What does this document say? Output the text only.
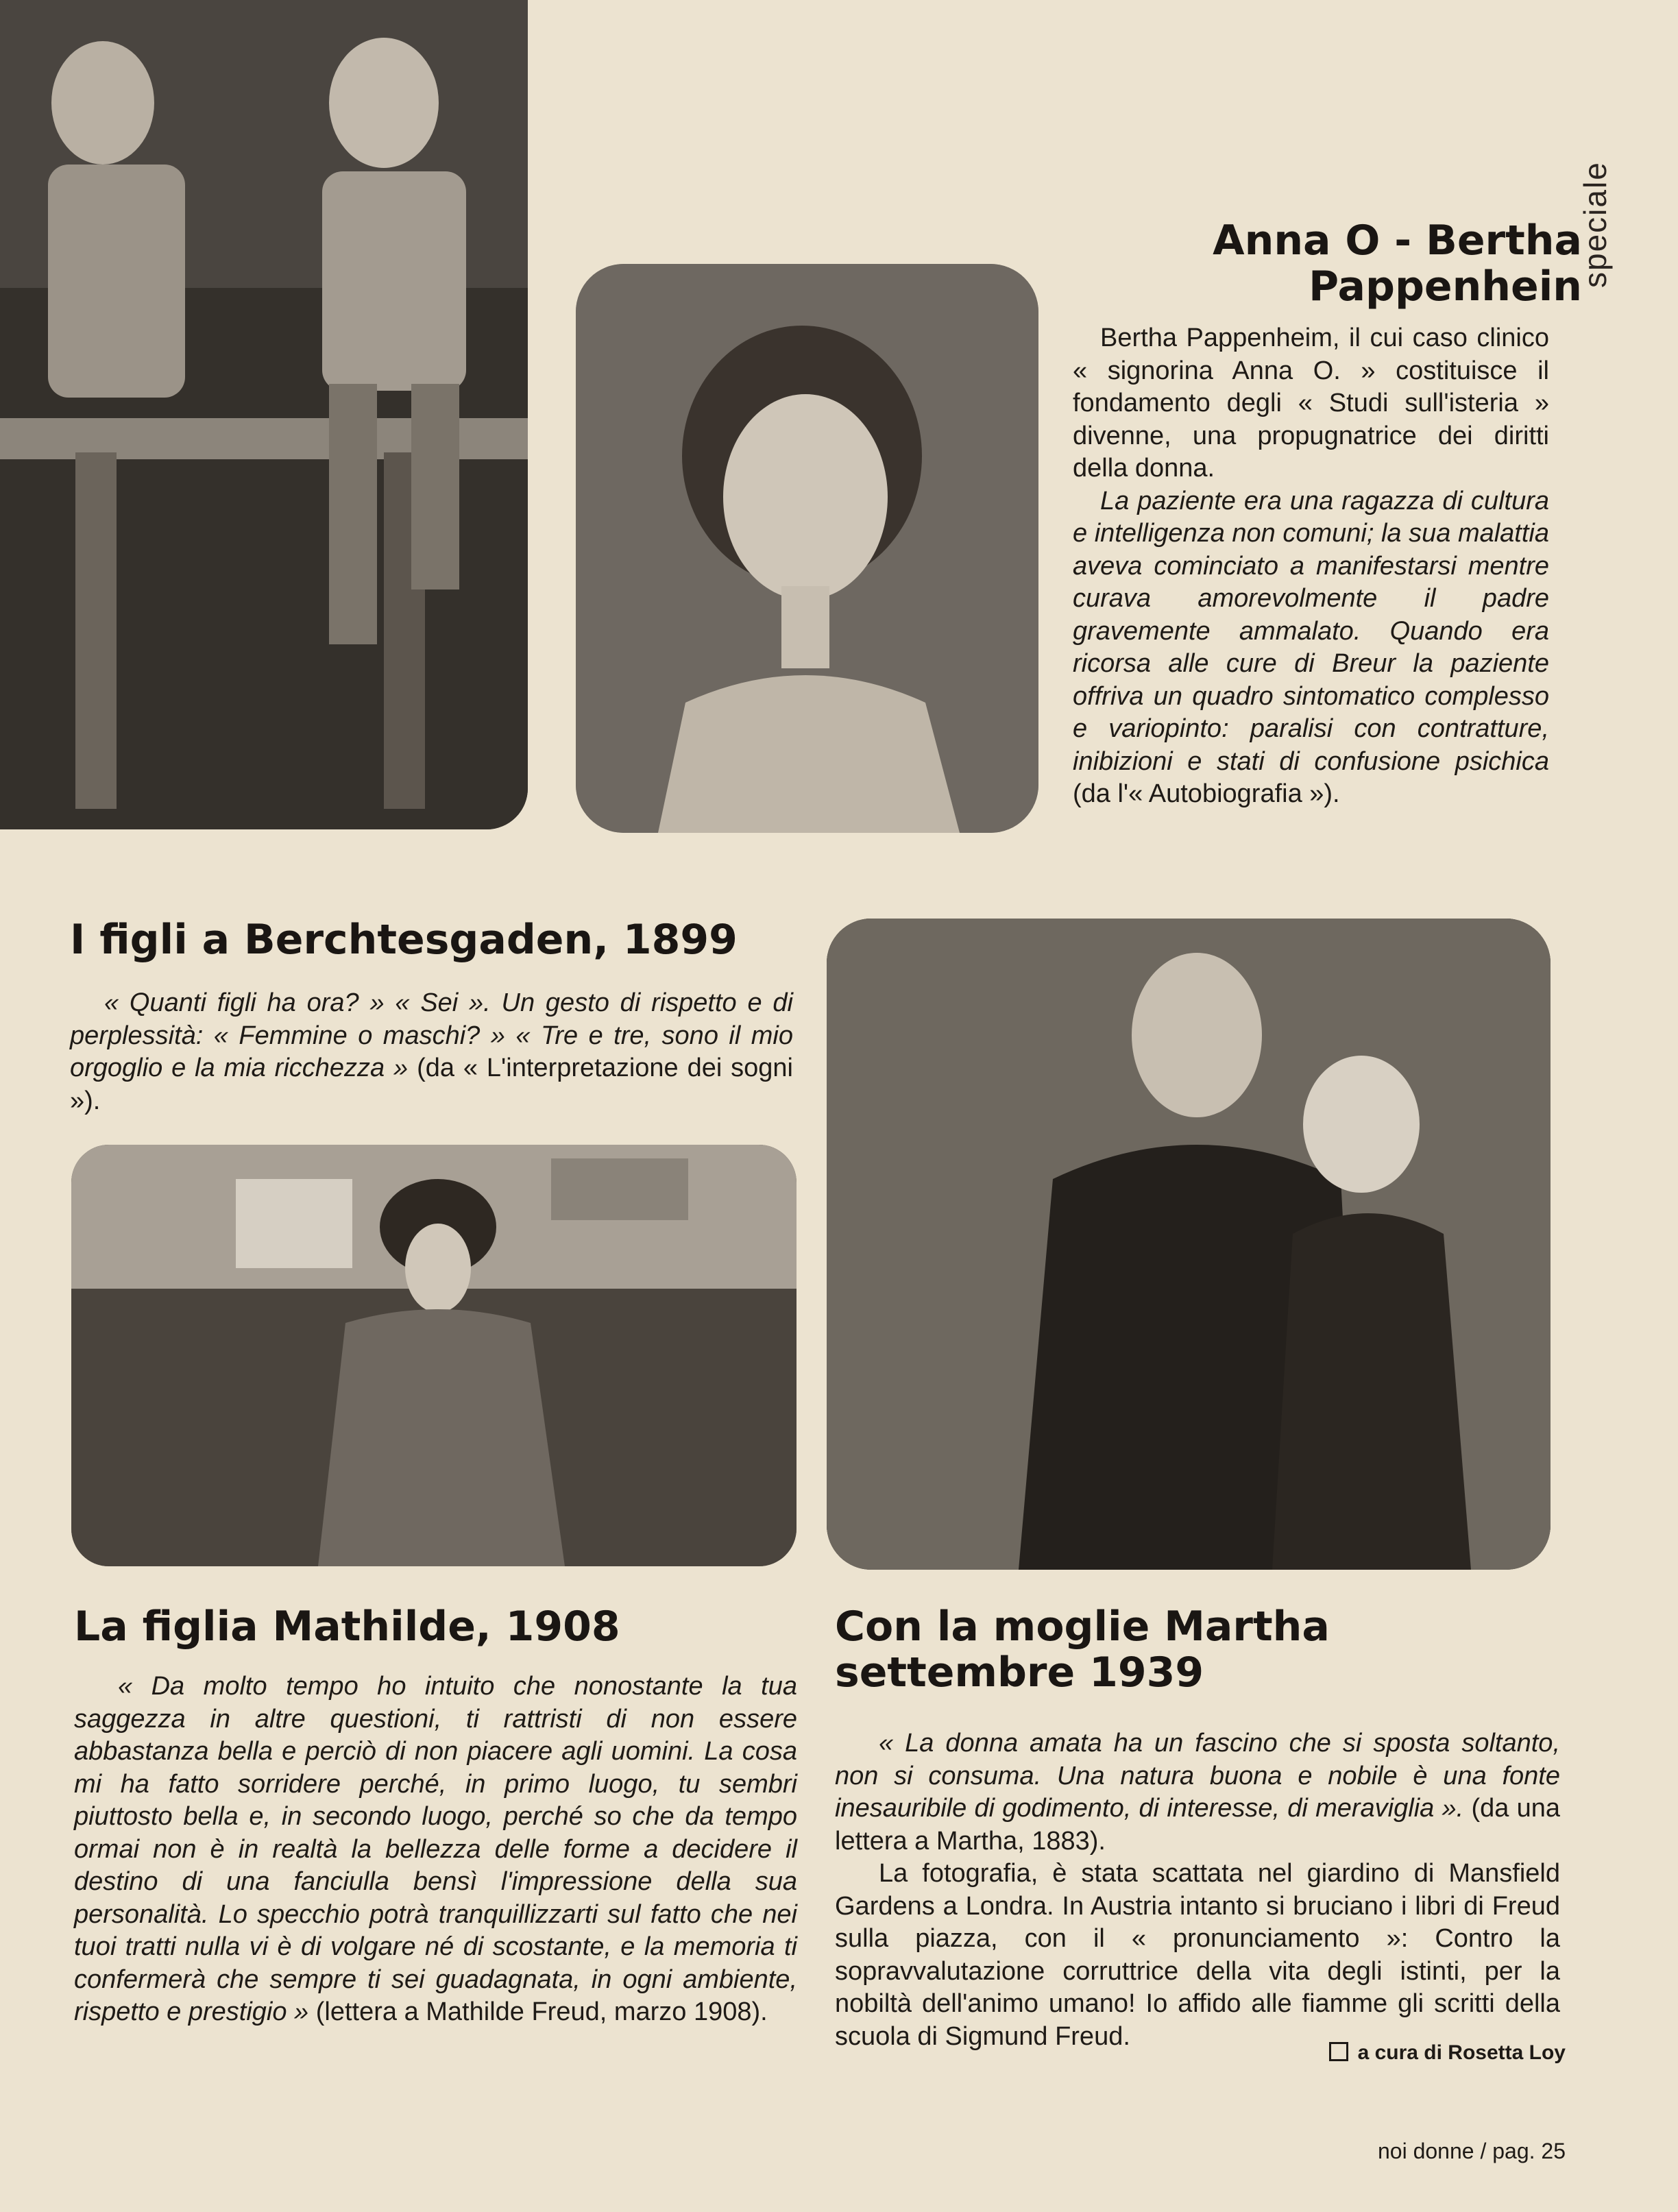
speciale
Anna O - Bertha
Pappenhein

Bertha Pappenheim, il cui caso clinico « signorina Anna O. » costituisce il fondamento degli « Studi sull'isteria » divenne, una propugnatrice dei diritti della donna.

La paziente era una ragazza di cultura e intelligenza non comuni; la sua malattia aveva cominciato a manifestarsi mentre curava amorevolmente il padre gravemente ammalato. Quando era ricorsa alle cure di Breur la paziente offriva un quadro sintomatico complesso e variopinto: paralisi con contratture, inibizioni e stati di confusione psichica (da l'« Autobiografia »).

I figli a Berchtesgaden, 1899

« Quanti figli ha ora? » « Sei ». Un gesto di rispetto e di perplessità: « Femmine o maschi? » « Tre e tre, sono il mio orgoglio e la mia ricchezza » (da « L'interpretazione dei sogni »).

La figlia Mathilde, 1908

« Da molto tempo ho intuito che nonostante la tua saggezza in altre questioni, ti rattristi di non essere abbastanza bella e perciò di non piacere agli uomini. La cosa mi ha fatto sorridere perché, in primo luogo, tu sembri piuttosto bella e, in secondo luogo, perché so che da tempo ormai non è in realtà la bellezza delle forme a decidere il destino di una fanciulla bensì l'impressione della sua personalità. Lo specchio potrà tranquillizzarti sul fatto che nei tuoi tratti nulla vi è di volgare né di scostante, e la memoria ti confermerà che sempre ti sei guadagnata, in ogni ambiente, rispetto e prestigio » (lettera a Mathilde Freud, marzo 1908).

Con la moglie Martha
settembre 1939

« La donna amata ha un fascino che si sposta soltanto, non si consuma. Una natura buona e nobile è una fonte inesauribile di godimento, di interesse, di meraviglia ». (da una lettera a Martha, 1883).

La fotografia, è stata scattata nel giardino di Mansfield Gardens a Londra. In Austria intanto si bruciano i libri di Freud sulla piazza, con il « pronunciamento »: Contro la sopravvalutazione corruttrice della vita degli istinti, per la nobiltà dell'animo umano! Io affido alle fiamme gli scritti della scuola di Sigmund Freud.

a cura di Rosetta Loy
noi donne / pag. 25
